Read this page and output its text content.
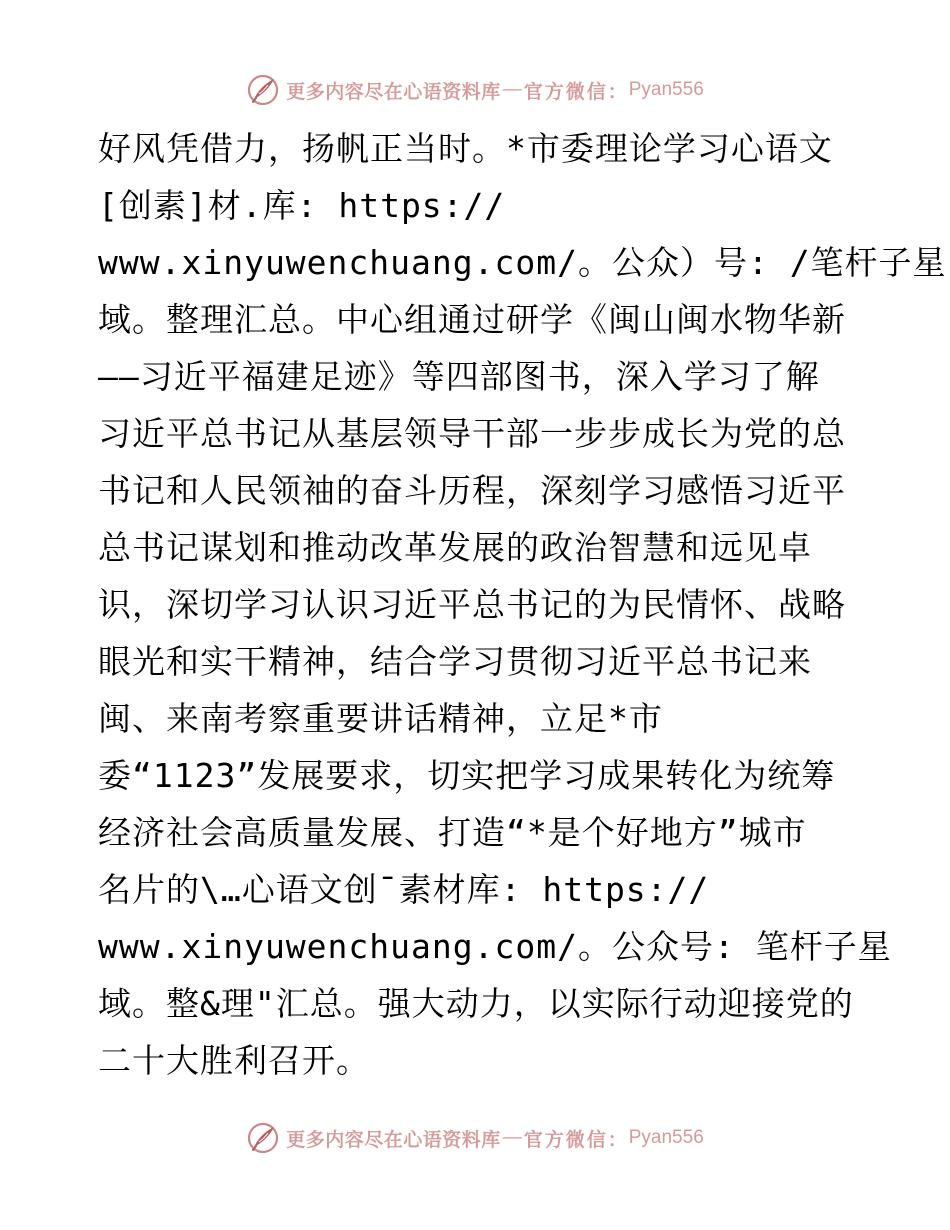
更多内容尽在心语资料库 — 官方微信： Pyan556
好风凭借力，扬帆正当时。*市委理论学习心语文
[创素]材.库: https://
www.xinyuwenchuang.com/。公众）号: /笔杆子星
域。整理汇总。中心组通过研学《闽山闽水物华新
——习近平福建足迹》等四部图书，深入学习了解
习近平总书记从基层领导干部一步步成长为党的总
书记和人民领袖的奋斗历程，深刻学习感悟习近平
总书记谋划和推动改革发展的政治智慧和远见卓
识，深切学习认识习近平总书记的为民情怀、战略
眼光和实干精神，结合学习贯彻习近平总书记来
闽、来南考察重要讲话精神，立足*市
委“1123”发展要求，切实把学习成果转化为统筹
经济社会高质量发展、打造“*是个好地方”城市
名片的\…心语文创¯素材库: https://
www.xinyuwenchuang.com/。公众号: 笔杆子星
域。整&理"汇总。强大动力，以实际行动迎接党的
二十大胜利召开。
更多内容尽在心语资料库 — 官方微信： Pyan556
